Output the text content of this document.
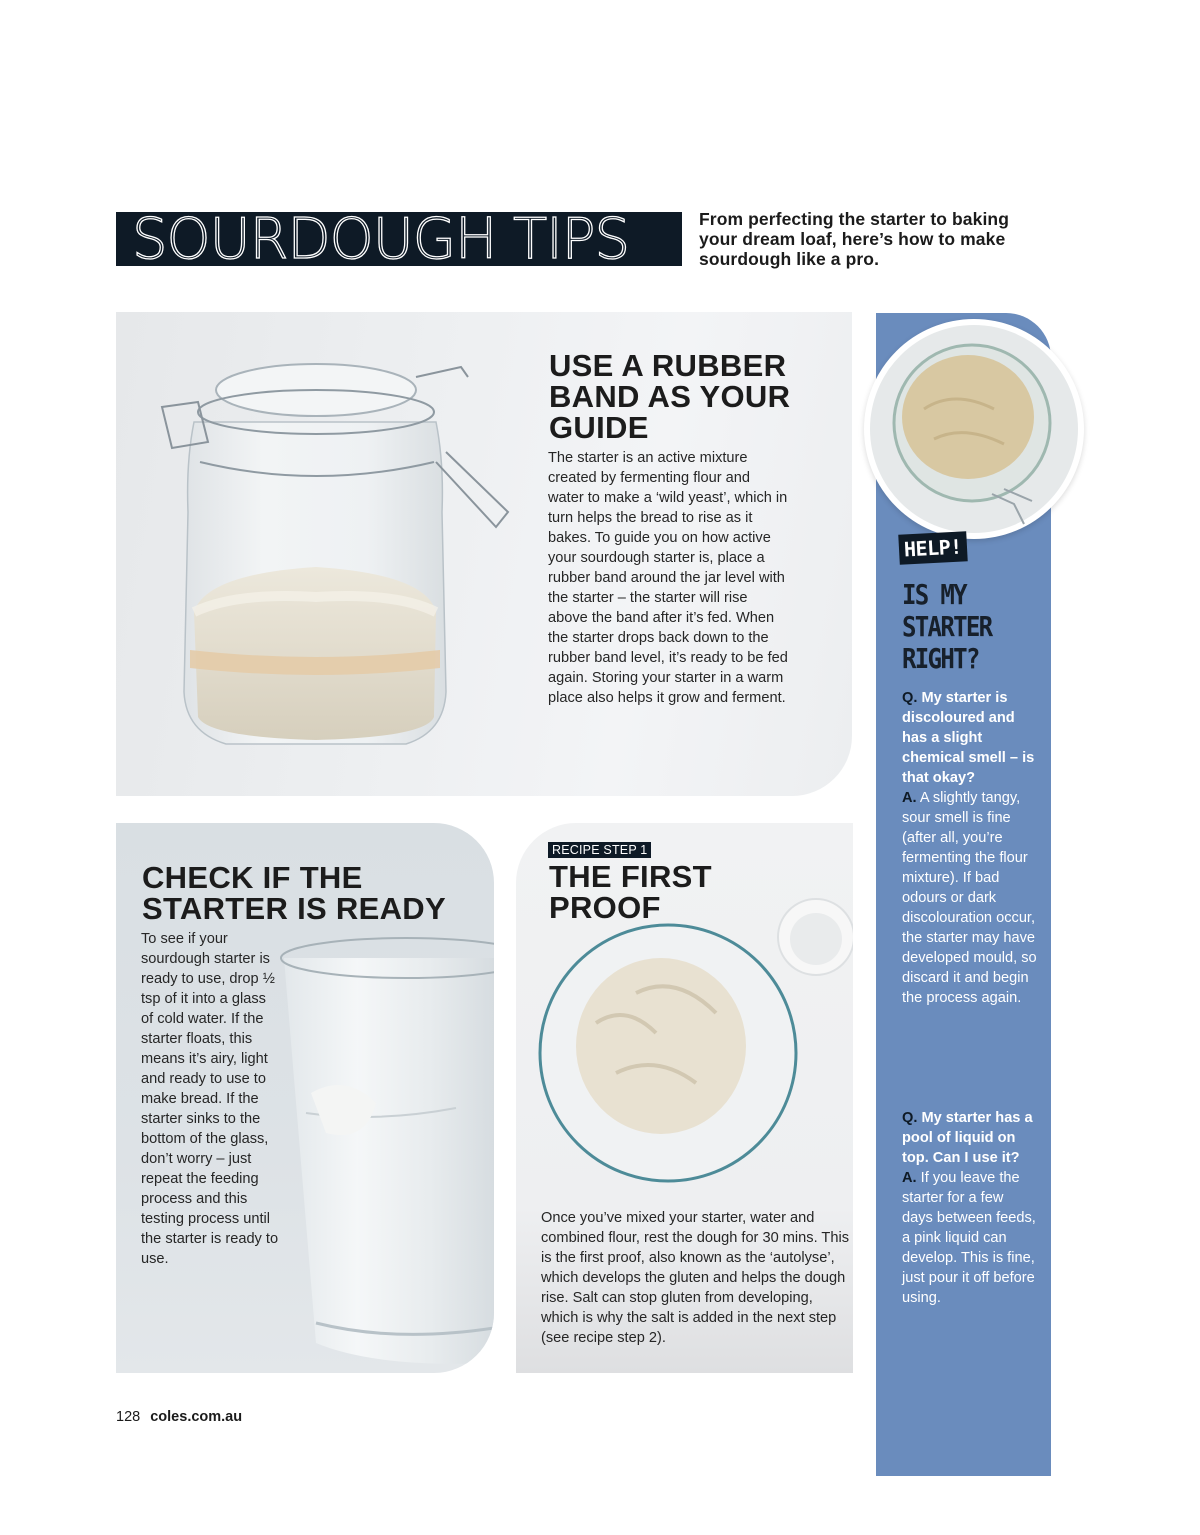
SOURDOUGH TIPS	From perfecting the starter to baking your dream loaf, here’s how to make sourdough like a pro.
USE A RUBBER BAND AS YOUR GUIDE
The starter is an active mixture created by fermenting flour and water to make a ‘wild yeast’, which in turn helps the bread to rise as it bakes. To guide you on how active your sourdough starter is, place a rubber band around the jar level with the starter – the starter will rise above the band after it’s fed. When the starter drops back down to the rubber band level, it’s ready to be fed again. Storing your starter in a warm place also helps it grow and ferment.
CHECK IF THE STARTER IS READY
To see if your sourdough starter is ready to use, drop ½ tsp of it into a glass of cold water. If the starter floats, this means it’s airy, light and ready to use to make bread. If the starter sinks to the bottom of the glass, don’t worry – just repeat the feeding process and this testing process until the starter is ready to use.
RECIPE STEP 1
THE FIRST PROOF
Once you’ve mixed your starter, water and combined flour, rest the dough for 30 mins. This is the first proof, also known as the ‘autolyse’, which develops the gluten and helps the dough rise. Salt can stop gluten from developing, which is why the salt is added in the next step (see recipe step 2).
HELP!
IS MY STARTER RIGHT?
Q. My starter is discoloured and has a slight chemical smell – is that okay?
A. A slightly tangy, sour smell is fine (after all, you’re fermenting the flour mixture). If bad odours or dark discolouration occur, the starter may have developed mould, so discard it and begin the process again.
Q. My starter has a pool of liquid on top. Can I use it?
A. If you leave the starter for a few days between feeds, a pink liquid can develop. This is fine, just pour it off before using.
128 coles.com.au
